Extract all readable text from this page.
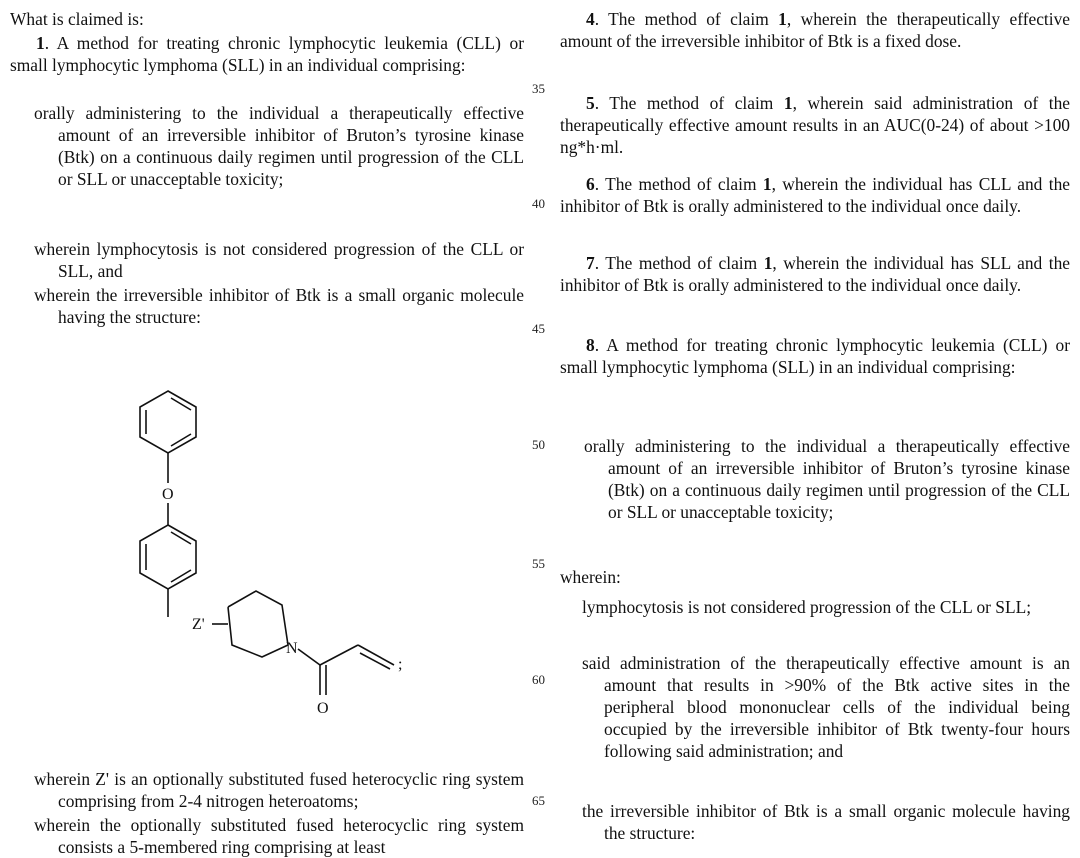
What is claimed is:

1. A method for treating chronic lymphocytic leukemia (CLL) or small lymphocytic lymphoma (SLL) in an individual comprising:

orally administering to the individual a therapeutically effective amount of an irreversible inhibitor of Bruton’s tyrosine kinase (Btk) on a continuous daily regimen until progression of the CLL or SLL or unacceptable toxicity;

wherein lymphocytosis is not considered progression of the CLL or SLL, and

wherein the irreversible inhibitor of Btk is a small organic molecule having the structure:

wherein Z' is an optionally substituted fused heterocyclic ring system comprising from 2-4 nitrogen heteroatoms;

wherein the optionally substituted fused heterocyclic ring system consists a 5-membered ring comprising at least

O
Z'
N
O
;
35
40
45
50
55
60
65

4. The method of claim 1, wherein the therapeutically effective amount of the irreversible inhibitor of Btk is a fixed dose.

5. The method of claim 1, wherein said administration of the therapeutically effective amount results in an AUC(0-24) of about >100 ng*h·ml.

6. The method of claim 1, wherein the individual has CLL and the inhibitor of Btk is orally administered to the individual once daily.

7. The method of claim 1, wherein the individual has SLL and the inhibitor of Btk is orally administered to the individual once daily.

8. A method for treating chronic lymphocytic leukemia (CLL) or small lymphocytic lymphoma (SLL) in an individual comprising:

orally administering to the individual a therapeutically effective amount of an irreversible inhibitor of Bruton’s tyrosine kinase (Btk) on a continuous daily regimen until progression of the CLL or SLL or unacceptable toxicity;

wherein:

lymphocytosis is not considered progression of the CLL or SLL;

said administration of the therapeutically effective amount is an amount that results in >90% of the Btk active sites in the peripheral blood mononuclear cells of the individual being occupied by the irreversible inhibitor of Btk twenty-four hours following said administration; and

the irreversible inhibitor of Btk is a small organic molecule having the structure:
